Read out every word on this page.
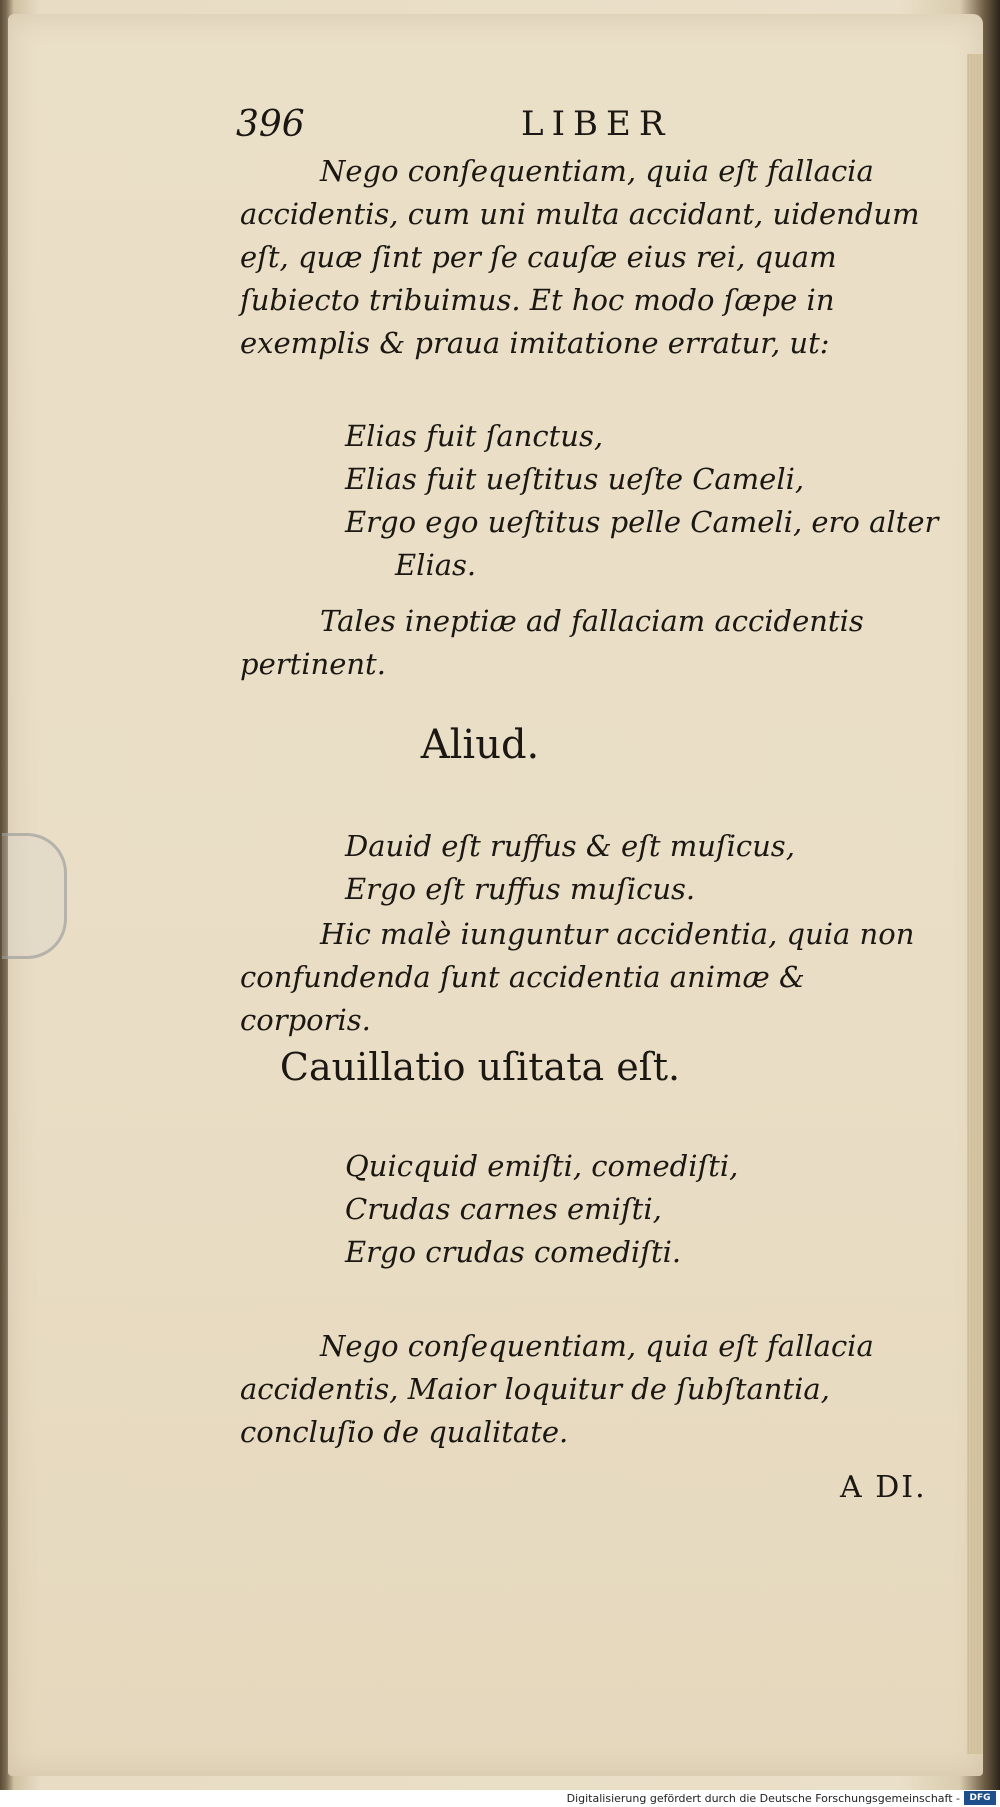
396	LIBER

Nego conſequentiam, quia eſt fallacia accidentis, cum uni multa accidant, uidendum eſt, quæ ſint per ſe cauſæ eius rei, quam ſubiecto tribuimus. Et hoc modo ſæpe in exemplis & praua imitatione erratur, ut:

Elias fuit ſanctus,
Elias fuit ueſtitus ueſte Cameli,
Ergo ego ueſtitus pelle Cameli, ero alter
Elias.

Tales ineptiæ ad fallaciam accidentis pertinent.

Aliud.
Dauid eſt ruffus & eſt muſicus,
Ergo eſt ruffus muſicus.

Hic malè iunguntur accidentia, quia non confundenda ſunt accidentia animæ & corporis.

Cauillatio uſitata eſt.
Quicquid emiſti, comediſti,
Crudas carnes emiſti,
Ergo crudas comediſti.

Nego conſequentiam, quia eſt fallacia accidentis, Maior loquitur de ſubſtantia, concluſio de qualitate.

A DI.
Digitalisierung gefördert durch die Deutsche Forschungsgemeinschaft -	DFG
